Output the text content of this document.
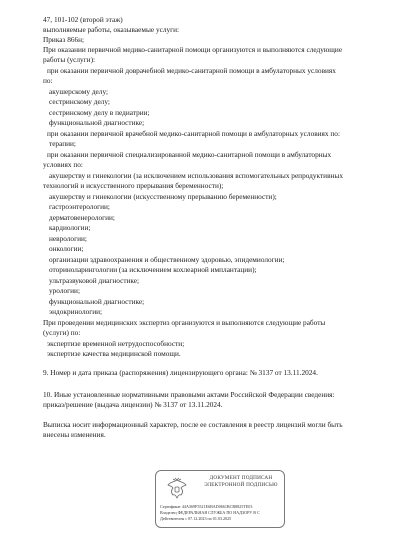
47, 101-102 (второй этаж)
выполняемые работы, оказываемые услуги:
Приказ 866н;
При оказании первичной медико-санитарной помощи организуются и выполняются следующие
работы (услуги):
при оказании первичной доврачебной медико-санитарной помощи в амбулаторных условиях
по:
акушерскому делу;
сестринскому делу;
сестринскому делу в педиатрии;
функциональной диагностике;
при оказании первичной врачебной медико-санитарной помощи в амбулаторных условиях по:
терапии;
при оказании первичной специализированной медико-санитарной помощи в амбулаторных
условиях по:
акушерству и гинекологии (за исключением использования вспомогательных репродуктивных
технологий и искусственного прерывания беременности);
акушерству и гинекологии (искусственному прерыванию беременности);
гастроэнтерологии;
дерматовенерологии;
кардиологии;
неврологии;
онкологии;
организации здравоохранения и общественному здоровью, эпидемиологии;
оториноларингологии (за исключением кохлеарной имплантации);
ультразвуковой диагностике;
урологии;
функциональной диагностике;
эндокринологии;
При проведении медицинских экспертиз организуются и выполняются следующие работы
(услуги) по:
экспертизе временной нетрудоспособности;
экспертизе качества медицинской помощи.
9. Номер и дата приказа (распоряжения) лицензирующего органа: № 3137 от 13.11.2024.
10. Иные установленные нормативными правовыми актами Российской Федерации сведения:
приказ/решение (выдача лицензии) № 3137 от 13.11.2024.
Выписка носит информационный характер, после ее составления в реестр лицензий могли быть
внесены изменения.
ДОКУМЕНТ ПОДПИСАН
ЭЛЕКТРОННОЙ ПОДПИСЬЮ
Сертификат 44A369F5521E6BAD0661BCB8825TE03
Владелец ФЕДЕРАЛЬНАЯ СЛУЖБА ПО НАДЗОРУ В С
Действителен с 07.12.2023 по 01.03.2025
